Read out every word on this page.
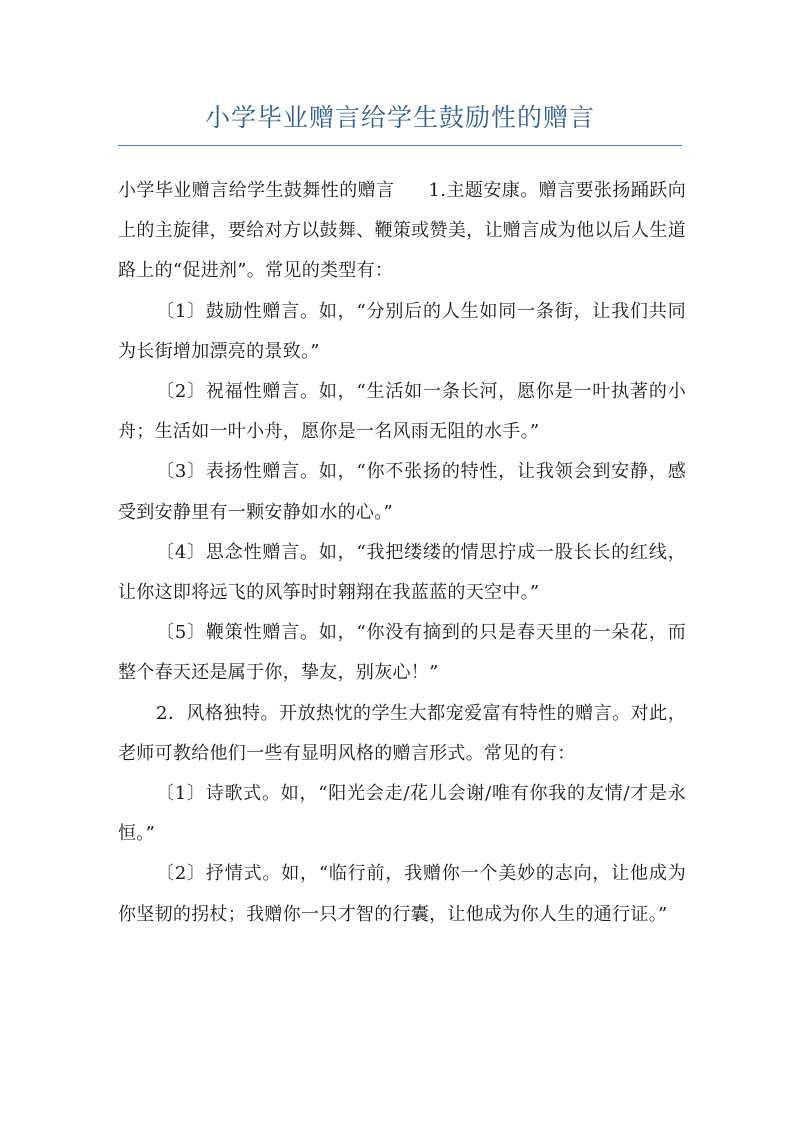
小学毕业赠言给学生鼓励性的赠言

小学毕业赠言给学生鼓舞性的赠言 1.主题安康。赠言要张扬踊跃向上的主旋律，要给对方以鼓舞、鞭策或赞美，让赠言成为他以后人生道路上的“促进剂”。常见的类型有：

〔1〕鼓励性赠言。如，“分别后的人生如同一条街，让我们共同为长街增加漂亮的景致。”

〔2〕祝福性赠言。如，“生活如一条长河，愿你是一叶执著的小舟；生活如一叶小舟，愿你是一名风雨无阻的水手。”

〔3〕表扬性赠言。如，“你不张扬的特性，让我领会到安静，感受到安静里有一颗安静如水的心。”

〔4〕思念性赠言。如，“我把缕缕的情思拧成一股长长的红线，让你这即将远飞的风筝时时翱翔在我蓝蓝的天空中。”

〔5〕鞭策性赠言。如，“你没有摘到的只是春天里的一朵花，而整个春天还是属于你，挚友，别灰心！”

2．风格独特。开放热忱的学生大都宠爱富有特性的赠言。对此，老师可教给他们一些有显明风格的赠言形式。常见的有：

〔1〕诗歌式。如，“阳光会走/花儿会谢/唯有你我的友情/才是永恒。”

〔2〕抒情式。如，“临行前，我赠你一个美妙的志向，让他成为你坚韧的拐杖；我赠你一只才智的行囊，让他成为你人生的通行证。”
